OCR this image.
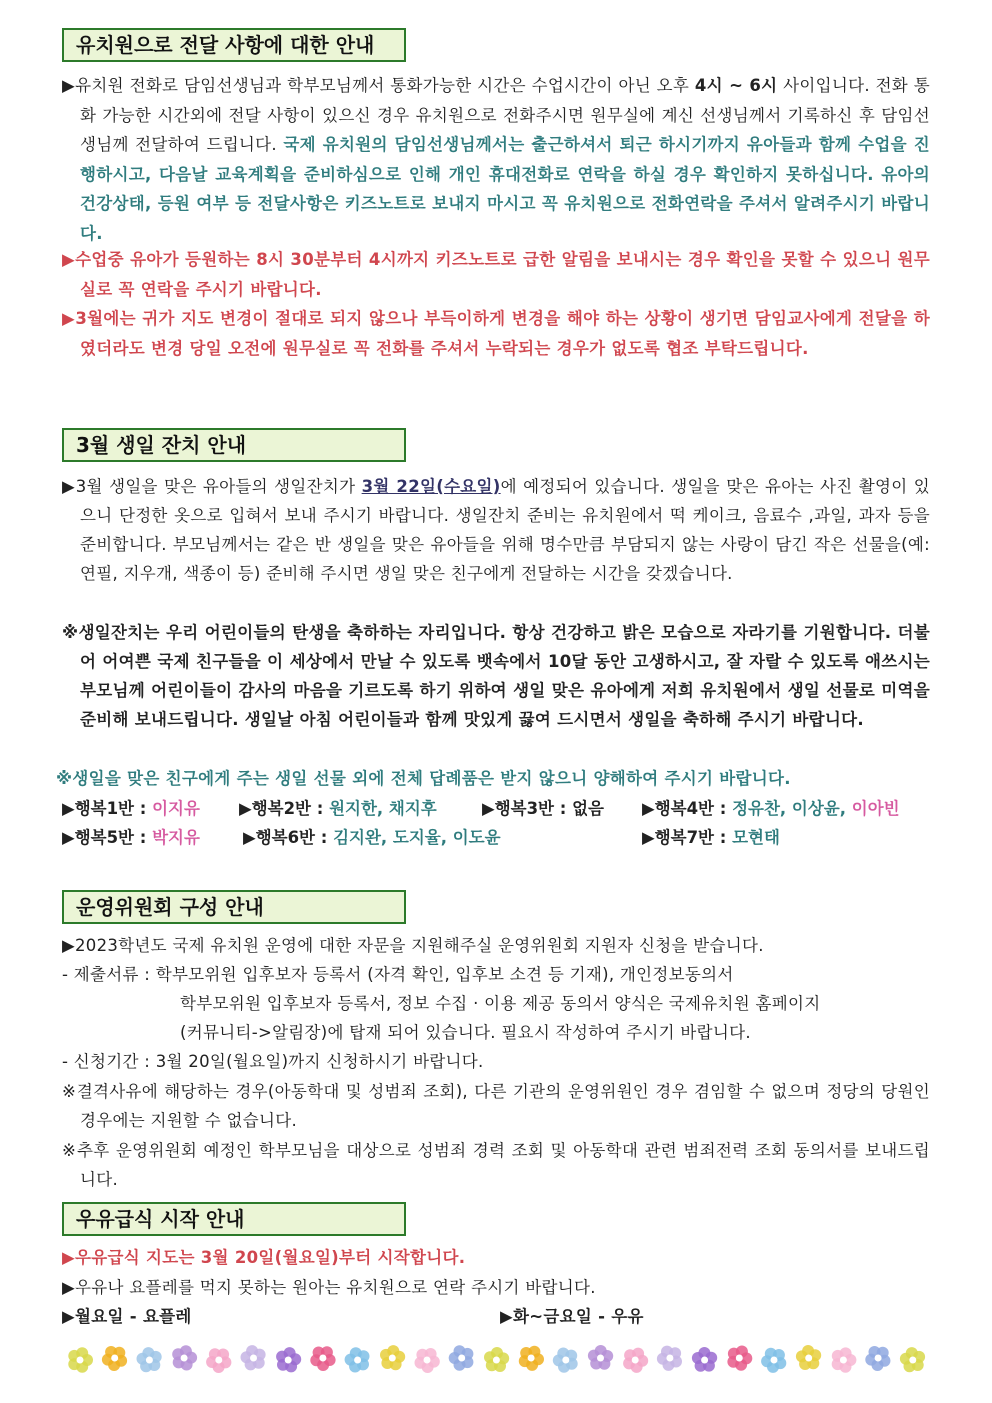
유치원으로 전달 사항에 대한 안내
▶유치원 전화로 담임선생님과 학부모님께서 통화가능한 시간은 수업시간이 아닌 오후 4시 ~ 6시 사이입니다. 전화 통화 가능한 시간외에 전달 사항이 있으신 경우 유치원으로 전화주시면 원무실에 계신 선생님께서 기록하신 후 담임선생님께 전달하여 드립니다. 국제 유치원의 담임선생님께서는 출근하셔서 퇴근 하시기까지 유아들과 함께 수업을 진행하시고, 다음날 교육계획을 준비하심으로 인해 개인 휴대전화로 연락을 하실 경우 확인하지 못하십니다. 유아의 건강상태, 등원 여부 등 전달사항은 키즈노트로 보내지 마시고 꼭 유치원으로 전화연락을 주셔서 알려주시기 바랍니다.
▶수업중 유아가 등원하는 8시 30분부터 4시까지 키즈노트로 급한 알림을 보내시는 경우 확인을 못할 수 있으니 원무실로 꼭 연락을 주시기 바랍니다.
▶3월에는 귀가 지도 변경이 절대로 되지 않으나 부득이하게 변경을 해야 하는 상황이 생기면 담임교사에게 전달을 하였더라도 변경 당일 오전에 원무실로 꼭 전화를 주셔서 누락되는 경우가 없도록 협조 부탁드립니다.
3월 생일 잔치 안내
▶3월 생일을 맞은 유아들의 생일잔치가 3월 22일(수요일)에 예정되어 있습니다. 생일을 맞은 유아는 사진 촬영이 있으니 단정한 옷으로 입혀서 보내 주시기 바랍니다. 생일잔치 준비는 유치원에서 떡 케이크, 음료수 ,과일, 과자 등을 준비합니다. 부모님께서는 같은 반 생일을 맞은 유아들을 위해 명수만큼 부담되지 않는 사랑이 담긴 작은 선물을(예: 연필, 지우개, 색종이 등) 준비해 주시면 생일 맞은 친구에게 전달하는 시간을 갖겠습니다.
※생일잔치는 우리 어린이들의 탄생을 축하하는 자리입니다. 항상 건강하고 밝은 모습으로 자라기를 기원합니다. 더불어 어여쁜 국제 친구들을 이 세상에서 만날 수 있도록 뱃속에서 10달 동안 고생하시고, 잘 자랄 수 있도록 애쓰시는 부모님께 어린이들이 감사의 마음을 기르도록 하기 위하여 생일 맞은 유아에게 저희 유치원에서 생일 선물로 미역을 준비해 보내드립니다. 생일날 아침 어린이들과 함께 맛있게 끓여 드시면서 생일을 축하해 주시기 바랍니다.
※생일을 맞은 친구에게 주는 생일 선물 외에 전체 답례품은 받지 않으니 양해하여 주시기 바랍니다.
▶행복1반 : 이지유 ▶행복2반 : 원지한, 채지후	▶행복3반 : 없음 ▶행복4반 : 정유찬, 이상윤, 이아빈
▶행복5반 : 박지유	▶행복6반 : 김지완, 도지율, 이도윤	▶행복7반 : 모현태
운영위원회 구성 안내
▶2023학년도 국제 유치원 운영에 대한 자문을 지원해주실 운영위원회 지원자 신청을 받습니다.
- 제출서류 : 학부모위원 입후보자 등록서 (자격 확인, 입후보 소견 등 기재), 개인정보동의서
학부모위원 입후보자 등록서, 정보 수집 · 이용 제공 동의서 양식은 국제유치원 홈페이지
(커뮤니티->알림장)에 탑재 되어 있습니다. 필요시 작성하여 주시기 바랍니다.
- 신청기간 : 3월 20일(월요일)까지 신청하시기 바랍니다.
※결격사유에 해당하는 경우(아동학대 및 성범죄 조회), 다른 기관의 운영위원인 경우 겸임할 수 없으며 정당의 당원인 경우에는 지원할 수 없습니다.
※추후 운영위원회 예정인 학부모님을 대상으로 성범죄 경력 조회 및 아동학대 관련 범죄전력 조회 동의서를 보내드립니다.
우유급식 시작 안내
▶우유급식 지도는 3월 20일(월요일)부터 시작합니다.
▶우유나 요플레를 먹지 못하는 원아는 유치원으로 연락 주시기 바랍니다.
▶월요일 - 요플레	▶화~금요일 - 우유
